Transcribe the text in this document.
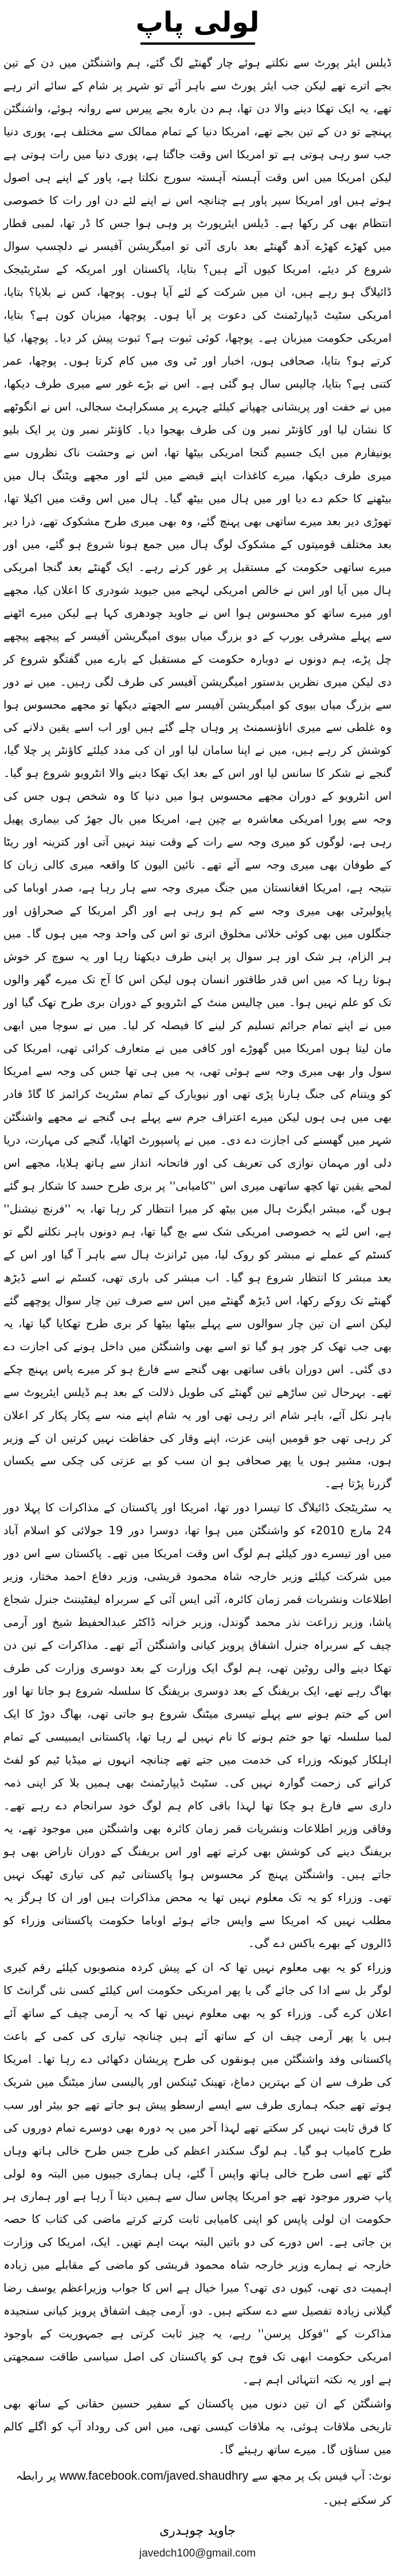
لولی پاپ

ڈیلس ایئر پورٹ سے نکلتے ہوئے چار گھنٹے لگ گئے، ہم واشنگٹن میں دن کے تین بجے اترے تھے لیکن جب ایئر پورٹ سے باہر آئے تو شہر پر شام کے سائے اتر رہے تھے، یہ ایک تھکا دینے والا دن تھا، ہم دن بارہ بجے پیرس سے روانہ ہوئے، واشنگٹن پہنچے تو دن کے تین بجے تھے، امریکا دنیا کے تمام ممالک سے مختلف ہے، پوری دنیا جب سو رہی ہوتی ہے تو امریکا اس وقت جاگتا ہے، پوری دنیا میں رات ہوتی ہے لیکن امریکا میں اس وقت آہستہ آہستہ سورج نکلتا ہے، پاور کے اپنے ہی اصول ہوتے ہیں اور امریکا سپر پاور ہے چنانچہ اس نے اپنے لئے دن اور رات کا خصوصی انتظام بھی کر رکھا ہے۔ ڈیلس ایئرپورٹ پر وہی ہوا جس کا ڈر تھا، لمبی قطار میں کھڑے کھڑے آدھ گھنٹے بعد باری آئی تو امیگریشن آفیسر نے دلچسپ سوال شروع کر دیئے، امریکا کیوں آئے ہیں؟ بتایا، پاکستان اور امریکہ کے سٹریٹیجک ڈائیلاگ ہو رہے ہیں، ان میں شرکت کے لئے آیا ہوں۔ پوچھا، کس نے بلایا؟ بتایا، امریکی سٹیٹ ڈیپارٹمنٹ کی دعوت پر آیا ہوں۔ پوچھا، میزبان کون ہے؟ بتایا، امریکی حکومت میزبان ہے۔ پوچھا، کوئی ثبوت ہے؟ ثبوت پیش کر دیا۔ پوچھا، کیا کرتے ہو؟ بتایا، صحافی ہوں، اخبار اور ٹی وی میں کام کرتا ہوں۔ پوچھا، عمر کتنی ہے؟ بتایا، چالیس سال ہو گئی ہے۔ اس نے بڑے غور سے میری طرف دیکھا، میں نے خفت اور پریشانی چھپانے کیلئے چہرے پر مسکراہٹ سجالی، اس نے انگوٹھے کا نشان لیا اور کاؤنٹر نمبر ون کی طرف بھجوا دیا۔ کاؤنٹر نمبر ون پر ایک بلیو یونیفارم میں ایک جسیم گنجا امریکی بیٹھا تھا، اس نے وحشت ناک نظروں سے میری طرف دیکھا، میرے کاغذات اپنے قبضے میں لئے اور مجھے ویٹنگ ہال میں بیٹھنے کا حکم دے دیا اور میں ہال میں بیٹھ گیا۔ ہال میں اس وقت میں اکیلا تھا، تھوڑی دیر بعد میرے ساتھی بھی پہنچ گئے، وہ بھی میری طرح مشکوک تھے، ذرا دیر بعد مختلف قومیتوں کے مشکوک لوگ ہال میں جمع ہونا شروع ہو گئے، میں اور میرے ساتھی حکومت کے مستقبل پر غور کرتے رہے۔ ایک گھنٹے بعد گنجا امریکی ہال میں آیا اور اس نے خالص امریکی لہجے میں جیوید شودری کا اعلان کیا، مجھے اور میرے ساتھ کو محسوس ہوا اس نے جاوید چودھری کہا ہے لیکن میرے اٹھنے سے پہلے مشرقی یورپ کے دو بزرگ میاں بیوی امیگریشن آفیسر کے پیچھے پیچھے چل پڑے، ہم دونوں نے دوبارہ حکومت کے مستقبل کے بارے میں گفتگو شروع کر دی لیکن میری نظریں بدستور امیگریشن آفیسر کی طرف لگی رہیں۔ میں نے دور سے بزرگ میاں بیوی کو امیگریشن آفیسر سے الجھتے دیکھا تو مجھے محسوس ہوا وہ غلطی سے میری اناؤنسمنٹ پر وہاں چلے گئے ہیں اور اب اسے یقین دلانے کی کوشش کر رہے ہیں، میں نے اپنا سامان لیا اور ان کی مدد کیلئے کاؤنٹر پر چلا گیا، گنجے نے شکر کا سانس لیا اور اس کے بعد ایک تھکا دینے والا انٹرویو شروع ہو گیا۔ اس انٹرویو کے دوران مجھے محسوس ہوا میں دنیا کا وہ شخص ہوں جس کی وجہ سے پورا امریکی معاشرہ بے چین ہے، امریکا میں بال جھڑ کی بیماری پھیل رہی ہے، لوگوں کو میری وجہ سے رات کے وقت نیند نہیں آتی اور کترینہ اور ریٹا کے طوفان بھی میری وجہ سے آئے تھے۔ نائین الیون کا واقعہ میری کالی زبان کا نتیجہ ہے، امریکا افغانستان میں جنگ میری وجہ سے ہار رہا ہے، صدر اوباما کی پاپولیرٹی بھی میری وجہ سے کم ہو رہی ہے اور اگر امریکا کے صحراؤں اور جنگلوں میں بھی کوئی خلائی مخلوق اتری تو اس کی واحد وجہ میں ہوں گا۔ میں ہر الزام، ہر شک اور ہر سوال پر اپنی طرف دیکھتا رہا اور یہ سوچ کر خوش ہوتا رہا کہ میں اس قدر طاقتور انسان ہوں لیکن اس کا آج تک میرے گھر والوں تک کو علم نہیں ہوا۔ میں چالیس منٹ کے انٹرویو کے دوران بری طرح تھک گیا اور میں نے اپنے تمام جرائم تسلیم کر لینے کا فیصلہ کر لیا۔ میں نے سوچا میں ابھی مان لیتا ہوں امریکا میں گھوڑے اور کافی میں نے متعارف کرائی تھی، امریکا کی سول وار بھی میری وجہ سے ہوئی تھی، یہ میں ہی تھا جس کی وجہ سے امریکا کو ویتنام کی جنگ ہارنا پڑی تھی اور نیویارک کے تمام سٹریٹ کرائمز کا گاڈ فادر بھی میں ہی ہوں لیکن میرے اعتراف جرم سے پہلے ہی گنجے نے مجھے واشنگٹن شہر میں گھسنے کی اجازت دے دی۔ میں نے پاسپورٹ اٹھایا، گنجے کی مہارت، دریا دلی اور مہمان نوازی کی تعریف کی اور فاتحانہ انداز سے ہاتھ ہلایا، مجھے اس لمحے یقین تھا کچھ ساتھی میری اس ''کامیابی'' پر بری طرح حسد کا شکار ہو گئے ہوں گے، مبشر ایگزٹ ہال میں بیٹھ کر میرا انتظار کر رہا تھا، یہ ''فرنچ نیشنل'' ہے، اس لئے یہ خصوصی امریکی شک سے بچ گیا تھا، ہم دونوں باہر نکلنے لگے تو کسٹم کے عملے نے مبشر کو روک لیا، میں ٹرانزٹ ہال سے باہر آ گیا اور اس کے بعد مبشر کا انتظار شروع ہو گیا۔ اب مبشر کی باری تھی، کسٹم نے اسے ڈیڑھ گھنٹے تک روکے رکھا، اس ڈیڑھ گھنٹے میں اس سے صرف تین چار سوال پوچھے گئے لیکن اسے ان تین چار سوالوں سے پہلے بیٹھا بیٹھا کر بری طرح تھکایا گیا تھا، یہ بھی جب تھک کر چور ہو گیا تو اسے بھی واشنگٹن میں داخل ہونے کی اجازت دے دی گئی۔ اس دوران باقی ساتھی بھی گنجے سے فارغ ہو کر میرے پاس پہنچ چکے تھے۔ بہرحال تین ساڑھے تین گھنٹے کی طویل ذلالت کے بعد ہم ڈیلس ایئرپوٹ سے باہر نکل آئے، باہر شام اتر رہی تھی اور یہ شام اپنے منہ سے پکار پکار کر اعلان کر رہی تھی جو قومیں اپنی عزت، اپنے وقار کی حفاظت نہیں کرتیں ان کے وزیر ہوں، مشیر ہوں یا پھر صحافی ہو ان سب کو بے عزتی کی چکی سے یکساں گزرنا پڑتا ہے۔

یہ سٹریٹجک ڈائیلاگ کا تیسرا دور تھا، امریکا اور پاکستان کے مذاکرات کا پہلا دور 24 مارچ 2010ء کو واشنگٹن میں ہوا تھا، دوسرا دور 19 جولائی کو اسلام آباد میں اور تیسرے دور کیلئے ہم لوگ اس وقت امریکا میں تھے۔ پاکستان سے اس دور میں شرکت کیلئے وزیر خارجہ شاہ محمود قریشی، وزیر دفاع احمد مختار، وزیر اطلاعات ونشریات قمر زمان کائرہ، آئی ایس آئی کے سربراہ لیفٹیننٹ جنرل شجاع پاشا، وزیر زراعت نذر محمد گوندل، وزیر خزانہ ڈاکٹر عبدالحفیظ شیخ اور آرمی چیف کے سربراہ جنرل اشفاق پرویز کیانی واشنگٹن آئے تھے۔ مذاکرات کے تین دن تھکا دینے والی روٹین تھی، ہم لوگ ایک وزارت کے بعد دوسری وزارت کی طرف بھاگ رہے تھے، ایک بریفنگ کے بعد دوسری بریفنگ کا سلسلہ شروع ہو جاتا تھا اور اس کے ختم ہونے سے پہلے تیسری میٹنگ شروع ہو جاتی تھی، بھاگ دوڑ کا ایک لمبا سلسلہ تھا جو ختم ہونے کا نام نہیں لے رہا تھا، پاکستانی ایمبیسی کے تمام اہلکار کیونکہ وزراء کی خدمت میں جتے تھے چنانچہ انہوں نے میڈیا ٹیم کو لفٹ کرانے کی زحمت گوارہ نہیں کی۔ سٹیٹ ڈیپارٹمنٹ بھی ہمیں بلا کر اپنی ذمہ داری سے فارغ ہو چکا تھا لہذا باقی کام ہم لوگ خود سرانجام دے رہے تھے۔ وفاقی وزیر اطلاعات ونشریات قمر زمان کائرہ بھی واشنگٹن میں موجود تھے، یہ بریفنگ دینے کی کوشش بھی کرتے تھے اور اس بریفنگ کے دوران ناراض بھی ہو جاتے ہیں۔ واشنگٹن پہنچ کر محسوس ہوا پاکستانی ٹیم کی تیاری ٹھیک نہیں تھی۔ وزراء کو یہ تک معلوم نہیں تھا یہ محض مذاکرات ہیں اور ان کا ہرگز یہ مطلب نہیں کہ امریکا سے واپس جاتے ہوئے اوباما حکومت پاکستانی وزراء کو ڈالروں کے بھرے باکس دے گی۔

وزراء کو یہ بھی معلوم نہیں تھا کہ ان کے پیش کردہ منصوبوں کیلئے رقم کیری لوگر بل سے ادا کی جائے گی یا پھر امریکی حکومت اس کیلئے کسی نئی گرانٹ کا اعلان کرے گی۔ وزراء کو یہ بھی معلوم نہیں تھا کہ یہ آرمی چیف کے ساتھ آئے ہیں یا پھر آرمی چیف ان کے ساتھ آئے ہیں چنانچہ تیاری کی کمی کے باعث پاکستانی وفد واشنگٹن میں ہونقوں کی طرح پریشان دکھائی دے رہا تھا۔ امریکا کی طرف سے ان کے بہترین دماغ، تھینک ٹینکس اور پالیسی ساز میٹنگ میں شریک ہوتے تھے جبکہ ہماری طرف سے ایسے ارسطو پیش ہو جاتے تھے جو بیئر اور سب کا فرق ثابت نہیں کر سکتے تھے لہذا آخر میں یہ دورہ بھی دوسرے تمام دوروں کی طرح کامیاب ہو گیا۔ ہم لوگ سکندر اعظم کی طرح جس طرح خالی ہاتھ وہاں گئے تھے اسی طرح خالی ہاتھ واپس آ گئے، ہاں ہماری جیبوں میں البتہ وہ لولی پاپ ضرور موجود تھے جو امریکا پچاس سال سے ہمیں دیتا آ رہا ہے اور ہماری ہر حکومت ان لولی پاپس کو اپنی کامیابی ثابت کرتے کرتے ماضی کی کتاب کا حصہ بن جاتی ہے۔ اس دورے کی دو باتیں البتہ بہت اہم تھیں۔ ایک، امریکا کی وزارت خارجہ نے ہمارے وزیر خارجہ شاہ محمود قریشی کو ماضی کے مقابلے میں زیادہ اہمیت دی تھی، کیوں دی تھی؟ میرا خیال ہے اس کا جواب وزیراعظم یوسف رضا گیلانی زیادہ تفصیل سے دے سکتے ہیں۔ دو، آرمی چیف اشفاق پرویز کیانی سنجیدہ مذاکرت کے ''فوکل پرسن'' رہے، یہ چیز ثابت کرتی ہے جمہوریت کے باوجود امریکی حکومت ابھی تک فوج ہی کو پاکستان کی اصل سیاسی طاقت سمجھتی ہے اور یہ نکتہ انتہائی اہم ہے۔

واشنگٹن کے ان تین دنوں میں پاکستان کے سفیر حسین حقانی کے ساتھ بھی تاریخی ملاقات ہوئی، یہ ملاقات کیسی تھی، میں اس کی روداد آپ کو اگلے کالم میں سناؤں گا۔ میرے ساتھ رہیئے گا۔

نوٹ: آپ فیس بک پر مجھ سے www.facebook.com/javed.shaudhry پر رابطہ کر سکتے ہیں۔
جاوید چوہدری
javedch100@gmail.com
